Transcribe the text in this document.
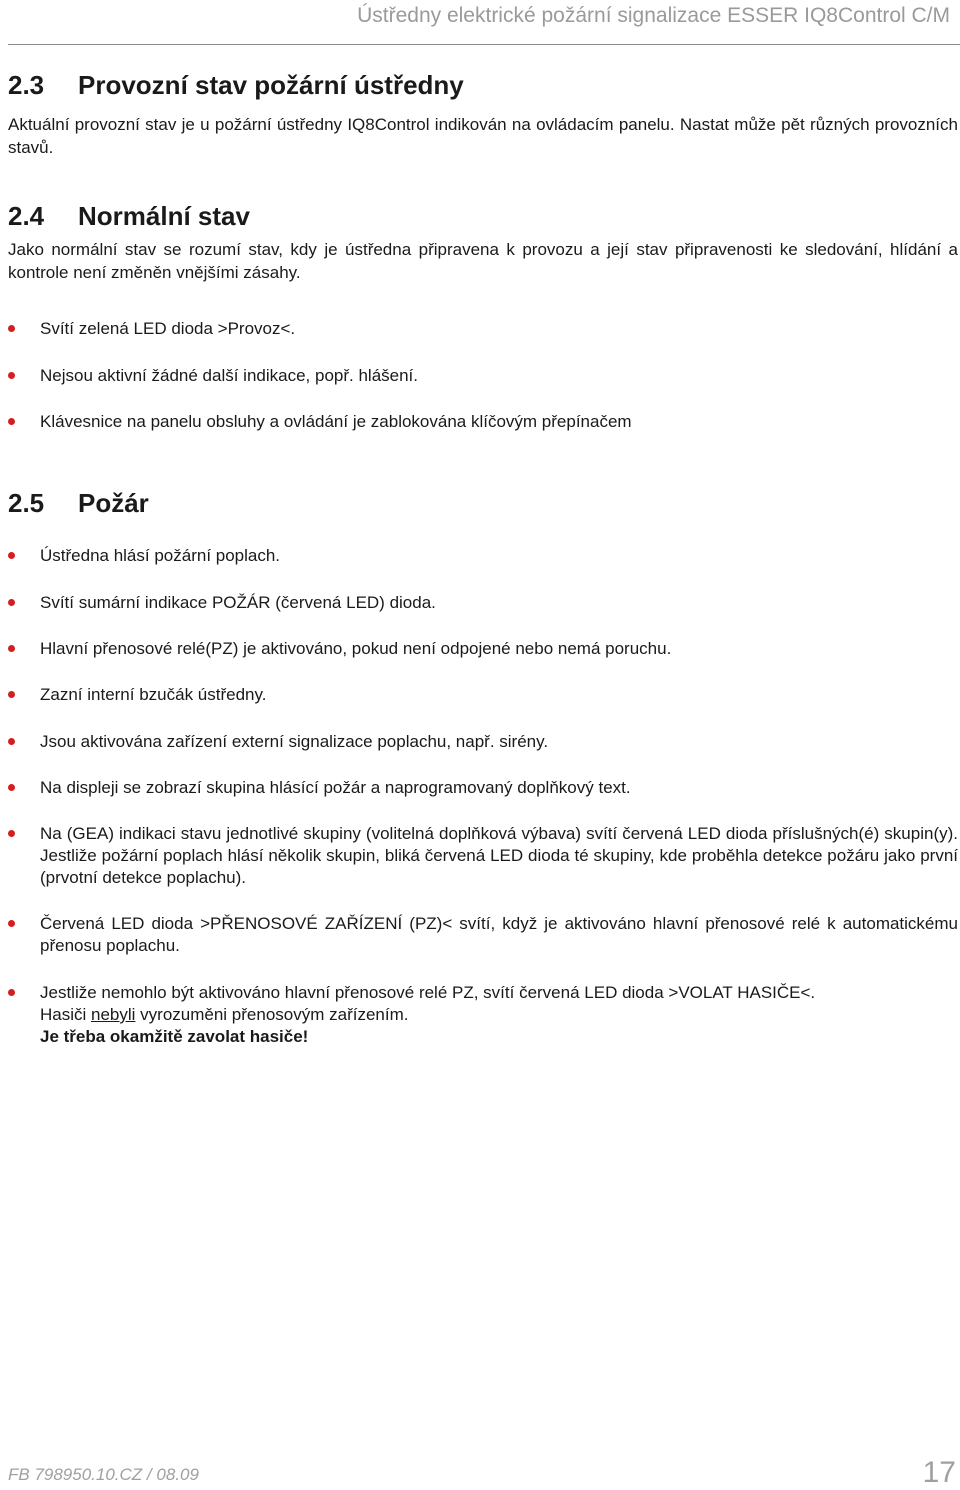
Ústředny elektrické požární signalizace ESSER IQ8Control C/M
2.3 Provozní stav požární ústředny

Aktuální provozní stav je u požární ústředny IQ8Control indikován na ovládacím panelu. Nastat může pět různých provozních stavů.

2.4 Normální stav

Jako normální stav se rozumí stav, kdy je ústředna připravena k provozu a její stav připravenosti ke sledování, hlídání a kontrole není změněn vnějšími zásahy.

Svítí zelená LED dioda >Provoz<.

Nejsou aktivní žádné další indikace, popř. hlášení.

Klávesnice na panelu obsluhy a ovládání je zablokována klíčovým přepínačem

2.5 Požár

Ústředna hlásí požární poplach.

Svítí sumární indikace POŽÁR (červená LED) dioda.

Hlavní přenosové relé(PZ) je aktivováno, pokud není odpojené nebo nemá poruchu.

Zazní interní bzučák ústředny.

Jsou aktivována zařízení externí signalizace poplachu, např. sirény.

Na displeji se zobrazí skupina hlásící požár a naprogramovaný doplňkový text.

Na (GEA) indikaci stavu jednotlivé skupiny (volitelná doplňková výbava) svítí červená LED dioda příslušných(é) skupin(y). Jestliže požární poplach hlásí několik skupin, bliká červená LED dioda té skupiny, kde proběhla detekce požáru jako první (prvotní detekce poplachu).

Červená LED dioda >PŘENOSOVÉ ZAŘÍZENÍ (PZ)< svítí, když je aktivováno hlavní přenosové relé k automatickému přenosu poplachu.

Jestliže nemohlo být aktivováno hlavní přenosové relé PZ, svítí červená LED dioda >VOLAT HASIČE<.
Hasiči nebyli vyrozuměni přenosovým zařízením.
Je třeba okamžitě zavolat hasiče!
FB 798950.10.CZ / 08.09	17
